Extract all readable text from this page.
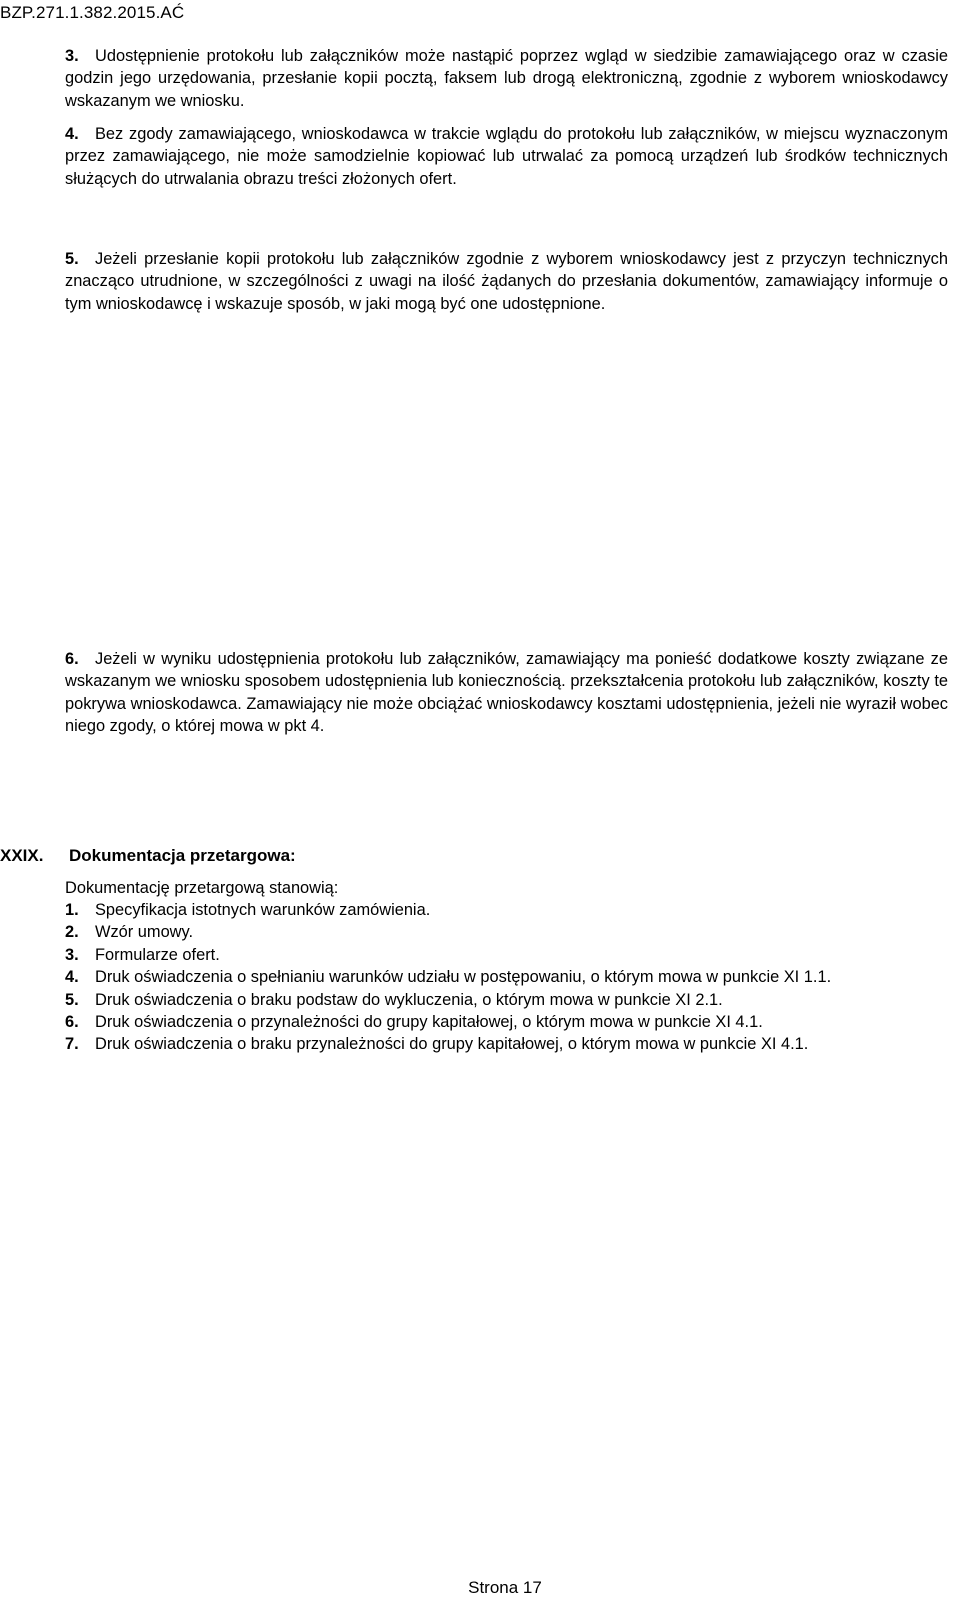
BZP.271.1.382.2015.AĆ
3. Udostępnienie protokołu lub załączników może nastąpić poprzez wgląd w siedzibie zamawiającego oraz w czasie godzin jego urzędowania, przesłanie kopii pocztą, faksem lub drogą elektroniczną, zgodnie z wyborem wnioskodawcy wskazanym we wniosku.
4. Bez zgody zamawiającego, wnioskodawca w trakcie wglądu do protokołu lub załączników, w miejscu wyznaczonym przez zamawiającego, nie może samodzielnie kopiować lub utrwalać za pomocą urządzeń lub środków technicznych służących do utrwalania obrazu treści złożonych ofert.
5. Jeżeli przesłanie kopii protokołu lub załączników zgodnie z wyborem wnioskodawcy jest z przyczyn technicznych znacząco utrudnione, w szczególności z uwagi na ilość żądanych do przesłania dokumentów, zamawiający informuje o tym wnioskodawcę i wskazuje sposób, w jaki mogą być one udostępnione.
6. Jeżeli w wyniku udostępnienia protokołu lub załączników, zamawiający ma ponieść dodatkowe koszty związane ze wskazanym we wniosku sposobem udostępnienia lub koniecznością. przekształcenia protokołu lub załączników, koszty te pokrywa wnioskodawca. Zamawiający nie może obciążać wnioskodawcy kosztami udostępnienia, jeżeli nie wyraził wobec niego zgody, o której mowa w pkt 4.
XXIX. Dokumentacja przetargowa:
Dokumentację przetargową stanowią:
1. Specyfikacja istotnych warunków zamówienia.
2. Wzór umowy.
3. Formularze ofert.
4. Druk oświadczenia o spełnianiu warunków udziału w postępowaniu, o którym mowa w punkcie XI 1.1.
5. Druk oświadczenia o braku podstaw do wykluczenia, o którym mowa w punkcie XI 2.1.
6. Druk oświadczenia o przynależności do grupy kapitałowej, o którym mowa w punkcie XI 4.1.
7. Druk oświadczenia o braku przynależności do grupy kapitałowej, o którym mowa w punkcie XI 4.1.
Strona 17
